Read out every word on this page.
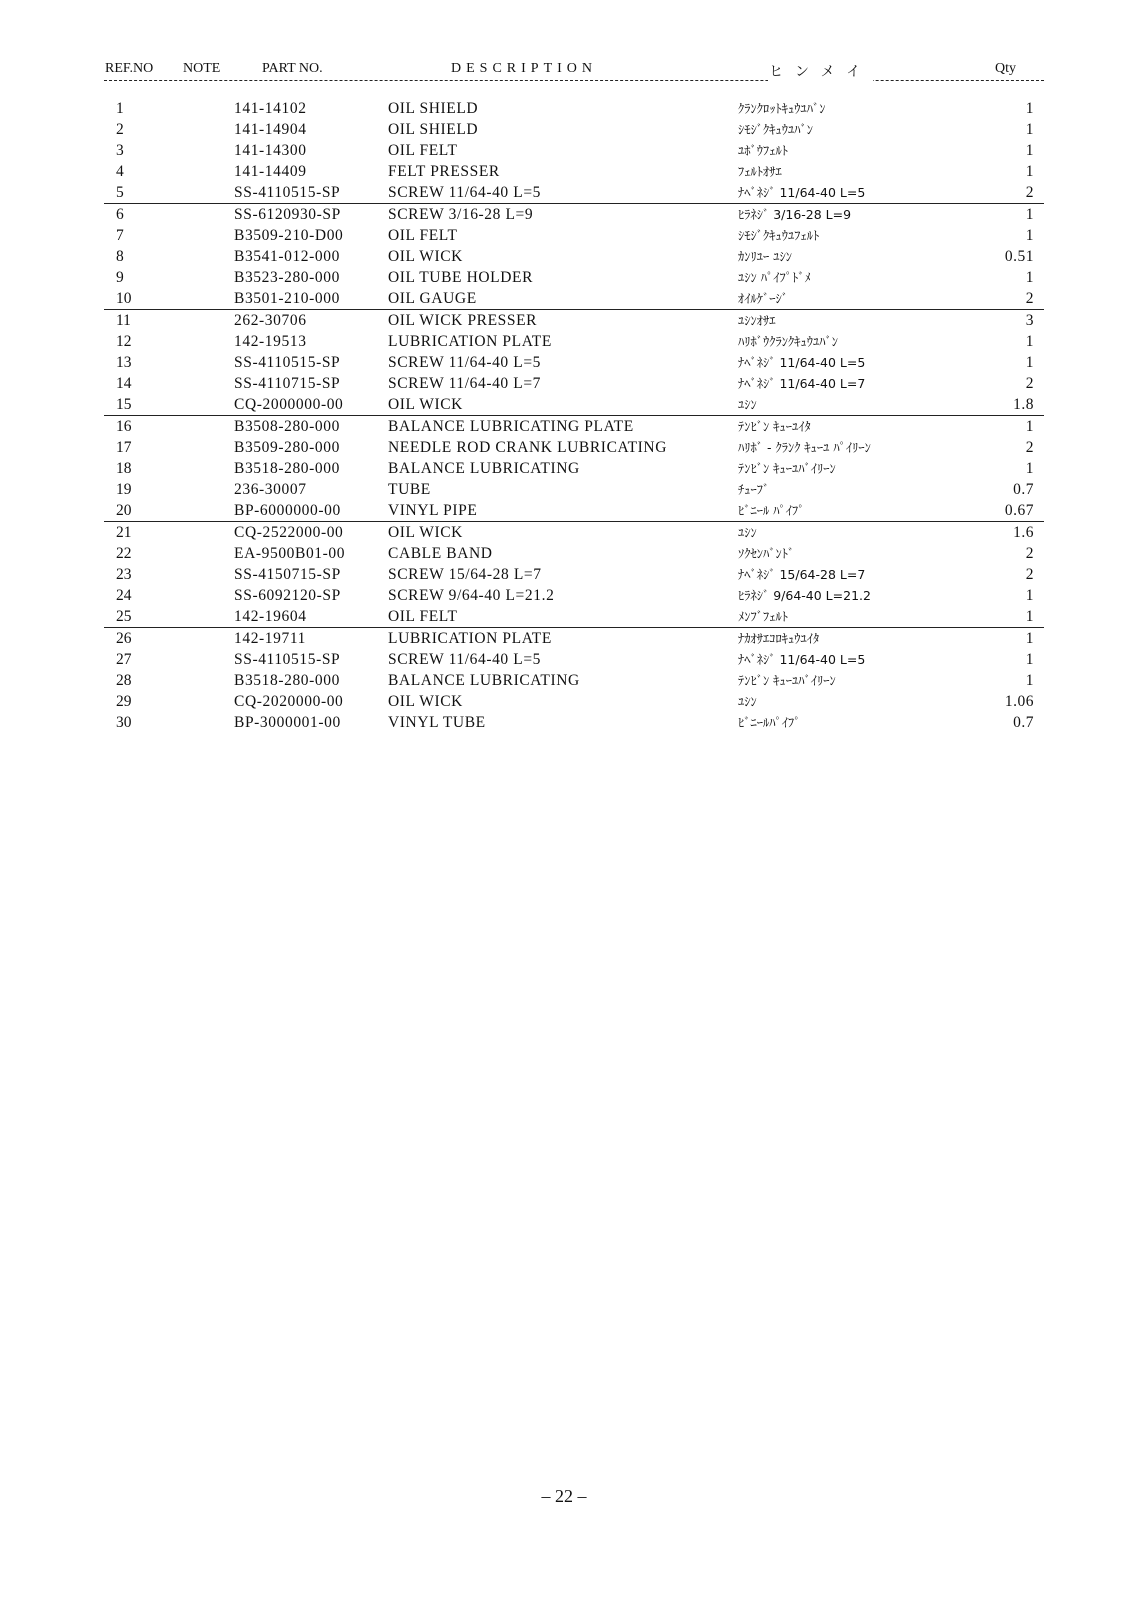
REF.NO NOTE	PART NO.	DESCRIPTION	ヒンメイ	Qty
1	141-14102	OIL SHIELD	ｸﾗﾝｸﾛｯﾄｷｭｳﾕﾊﾞﾝ	1
2	141-14904	OIL SHIELD	ｼﾓｼﾞｸｷｭｳﾕﾊﾞﾝ	1
3	141-14300	OIL FELT	ﾕﾎﾞｳﾌｪﾙﾄ	1
4	141-14409	FELT PRESSER	ﾌｪﾙﾄｵｻｴ	1
5	SS-4110515-SP	SCREW 11/64-40 L=5	ﾅﾍﾞﾈｼﾞ 11/64-40 L=5	2
6	SS-6120930-SP	SCREW 3/16-28 L=9	ﾋﾗﾈｼﾞ 3/16-28 L=9	1
7	B3509-210-D00	OIL FELT	ｼﾓｼﾞｸｷｭｳﾕﾌｪﾙﾄ	1
8	B3541-012-000	OIL WICK	ｶﾝﾘﾕｰ ﾕｼﾝ	0.51
9	B3523-280-000	OIL TUBE HOLDER	ﾕｼﾝ ﾊﾟｲﾌﾟﾄﾞﾒ	1
10	B3501-210-000	OIL GAUGE	ｵｲﾙｹﾞｰｼﾞ	2
11	262-30706	OIL WICK PRESSER	ﾕｼﾝｵｻｴ	3
12	142-19513	LUBRICATION PLATE	ﾊﾘﾎﾞｳｸﾗﾝｸｷｭｳﾕﾊﾞﾝ	1
13	SS-4110515-SP	SCREW 11/64-40 L=5	ﾅﾍﾞﾈｼﾞ 11/64-40 L=5	1
14	SS-4110715-SP	SCREW 11/64-40 L=7	ﾅﾍﾞﾈｼﾞ 11/64-40 L=7	2
15	CQ-2000000-00	OIL WICK	ﾕｼﾝ	1.8
16	B3508-280-000	BALANCE LUBRICATING PLATE	ﾃﾝﾋﾞﾝ ｷｭｰﾕｲﾀ	1
17	B3509-280-000	NEEDLE ROD CRANK LUBRICATING	ﾊﾘﾎﾞ - ｸﾗﾝｸ ｷｭｰﾕ ﾊﾟｲﾘｰﾝ	2
18	B3518-280-000	BALANCE LUBRICATING	ﾃﾝﾋﾞﾝ ｷｭｰﾕﾊﾞｲﾘｰﾝ	1
19	236-30007	TUBE	ﾁｭｰﾌﾞ	0.7
20	BP-6000000-00	VINYL PIPE	ﾋﾞﾆｰﾙ ﾊﾟｲﾌﾟ	0.67
21	CQ-2522000-00	OIL WICK	ﾕｼﾝ	1.6
22	EA-9500B01-00	CABLE BAND	ｿｸｾﾝﾊﾞﾝﾄﾞ	2
23	SS-4150715-SP	SCREW 15/64-28 L=7	ﾅﾍﾞﾈｼﾞ 15/64-28 L=7	2
24	SS-6092120-SP	SCREW 9/64-40 L=21.2	ﾋﾗﾈｼﾞ 9/64-40 L=21.2	1
25	142-19604	OIL FELT	ﾒﾝﾌﾞﾌｪﾙﾄ	1
26	142-19711	LUBRICATION PLATE	ﾅｶｵｻｴｺﾛｷｭｳﾕｲﾀ	1
27	SS-4110515-SP	SCREW 11/64-40 L=5	ﾅﾍﾞﾈｼﾞ 11/64-40 L=5	1
28	B3518-280-000	BALANCE LUBRICATING	ﾃﾝﾋﾞﾝ ｷｭｰﾕﾊﾞｲﾘｰﾝ	1
29	CQ-2020000-00	OIL WICK	ﾕｼﾝ	1.06
30	BP-3000001-00	VINYL TUBE	ﾋﾞﾆｰﾙﾊﾟｲﾌﾟ	0.7
– 22 –
